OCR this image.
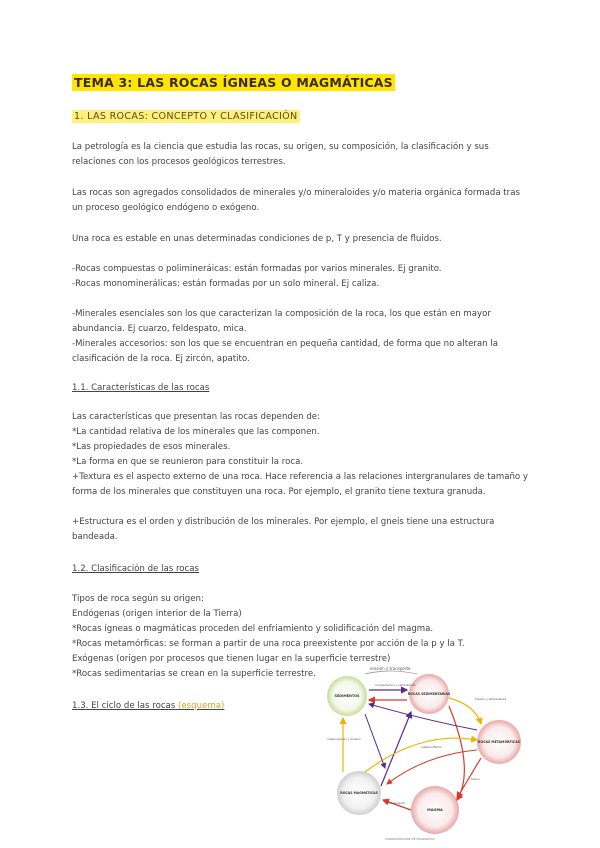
TEMA 3: LAS ROCAS ÍGNEAS O MAGMÁTICAS
1. LAS ROCAS: CONCEPTO Y CLASIFICACIÓN

La petrología es la ciencia que estudia las rocas, su origen, su composición, la clasificación y sus relaciones con los procesos geológicos terrestres.

Las rocas son agregados consolidados de minerales y/o mineraloides y/o materia orgánica formada tras un proceso geológico endógeno o exógeno.

Una roca es estable en unas determinadas condiciones de p, T y presencia de fluidos.

-Rocas compuestas o polimineráicas: están formadas por varios minerales. Ej granito.

-Rocas monominerálicas: están formadas por un solo mineral. Ej caliza.

-Minerales esenciales son los que caracterizan la composición de la roca, los que están en mayor abundancia. Ej cuarzo, feldespato, mica.

-Minerales accesorios: son los que se encuentran en pequeña cantidad, de forma que no alteran la clasificación de la roca. Ej zircón, apatito.

1.1. Características de las rocas

Las características que presentan las rocas dependen de:

*La cantidad relativa de los minerales que las componen.

*Las propiedades de esos minerales.

*La forma en que se reunieron para constituir la roca.

+Textura es el aspecto externo de una roca. Hace referencia a las relaciones intergranulares de tamaño y forma de los minerales que constituyen una roca. Por ejemplo, el granito tiene textura granuda.

+Estructura es el orden y distribución de los minerales. Por ejemplo, el gneis tiene una estructura bandeada.

1.2. Clasificación de las rocas

Tipos de roca según su origen:

Endógenas (origen interior de la Tierra)

*Rocas ígneas o magmáticas proceden del enfriamiento y solidificación del magma.

*Rocas metamórficas: se forman a partir de una roca preexistente por acción de la p y la T.

Exógenas (origen por procesos que tienen lugar en la superficie terrestre)

*Rocas sedimentarias se crean en la superficie terrestre.

1.3. El ciclo de las rocas (esquema)
erosión y transporte
SEDIMENTOS	ROCAS SEDIMENTARIAS
ROCAS METAMÓRFICAS
ROCAS MAGMÁTICAS
MAGMA
compactación y cementación
Presión y temperatura
meteorización y erosión
fusión
enfriamiento
metamorfismo
CONSOLIDACIÓN DE MAGMÁTICA
